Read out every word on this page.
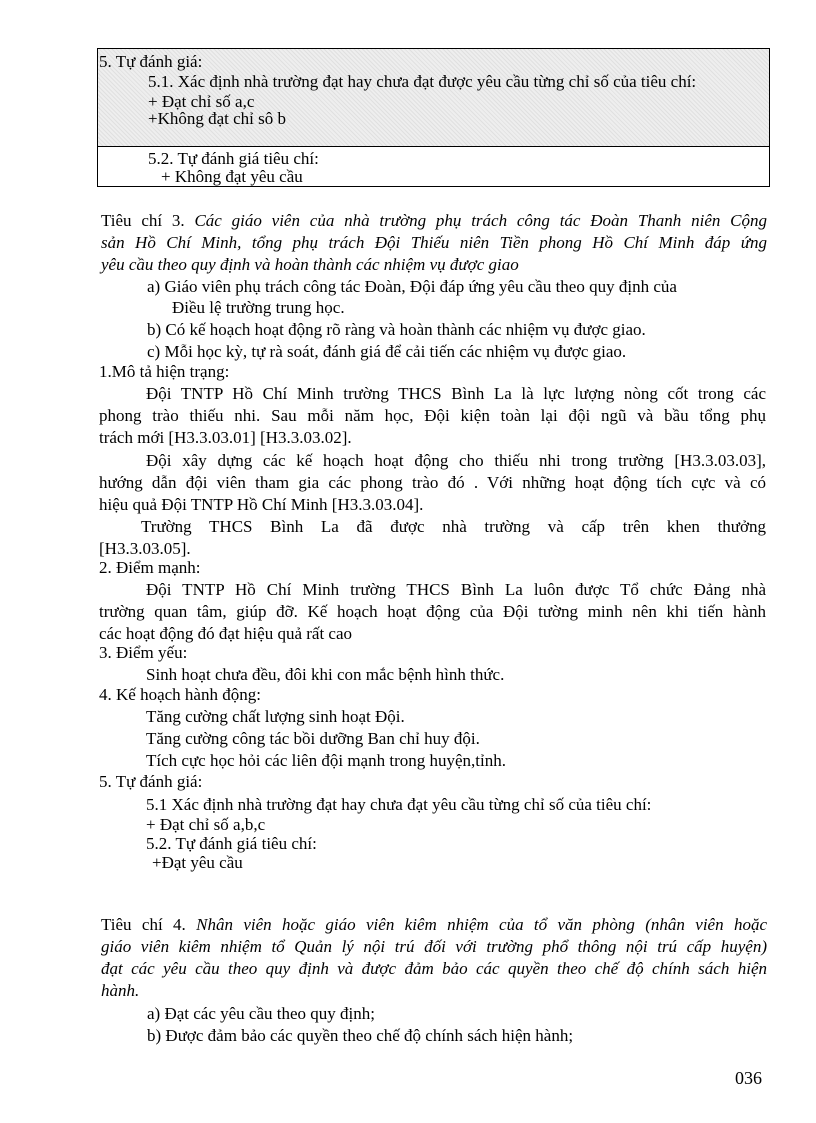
5. Tự đánh giá:
5.1. Xác định nhà trường đạt hay chưa đạt được yêu cầu từng chỉ số của tiêu chí:
+ Đạt chỉ số a,c
+Không đạt chỉ sô b
5.2. Tự đánh giá tiêu chí:
+ Không đạt yêu cầu
Tiêu chí 3. Các giáo viên của nhà trường phụ trách công tác Đoàn Thanh niên Cộng
sản Hồ Chí Minh, tổng phụ trách Đội Thiếu niên Tiền phong Hồ Chí Minh đáp ứng
yêu cầu theo quy định và hoàn thành các nhiệm vụ được giao
a) Giáo viên phụ trách công tác Đoàn, Đội đáp ứng yêu cầu theo quy định của
Điều lệ trường trung học.
b) Có kế hoạch hoạt động rõ ràng và hoàn thành các nhiệm vụ được giao.
c) Mỗi học kỳ, tự rà soát, đánh giá để cải tiến các nhiệm vụ được giao.
1.Mô tả hiện trạng:
Đội TNTP Hồ Chí Minh trường THCS Bình La là lực lượng nòng cốt trong các
phong trào thiếu nhi. Sau mỗi năm học, Đội kiện toàn lại đội ngũ và bầu tổng phụ
trách mới [H3.3.03.01] [H3.3.03.02].
Đội xây dựng các kế hoạch hoạt động cho thiếu nhi trong trường [H3.3.03.03],
hướng dẫn đội viên tham gia các phong trào đó . Với những hoạt động tích cực và có
hiệu quả Đội TNTP Hồ Chí Minh [H3.3.03.04].
Trường THCS Bình La đã được nhà trường và cấp trên khen thưởng
[H3.3.03.05].
2. Điểm mạnh:
Đội TNTP Hồ Chí Minh trường THCS Bình La luôn được Tổ chức Đảng nhà
trường quan tâm, giúp đỡ. Kế hoạch hoạt động của Đội tường minh nên khi tiến hành
các hoạt động đó đạt hiệu quả rất cao
3. Điểm yếu:
Sinh hoạt chưa đều, đôi khi con mắc bệnh hình thức.
4. Kế hoạch hành động:
Tăng cường chất lượng sinh hoạt Đội.
Tăng cường công tác bồi dưỡng Ban chỉ huy đội.
Tích cực học hỏi các liên đội mạnh trong huyện,tỉnh.
5. Tự đánh giá:
5.1 Xác định nhà trường đạt hay chưa đạt yêu cầu từng chỉ số của tiêu chí:
+ Đạt chỉ số a,b,c
5.2. Tự đánh giá tiêu chí:
+Đạt yêu cầu
Tiêu chí 4. Nhân viên hoặc giáo viên kiêm nhiệm của tổ văn phòng (nhân viên hoặc
giáo viên kiêm nhiệm tổ Quản lý nội trú đối với trường phổ thông nội trú cấp huyện)
đạt các yêu cầu theo quy định và được đảm bảo các quyền theo chế độ chính sách hiện
hành.
a) Đạt các yêu cầu theo quy định;
b) Được đảm bảo các quyền theo chế độ chính sách hiện hành;
036
